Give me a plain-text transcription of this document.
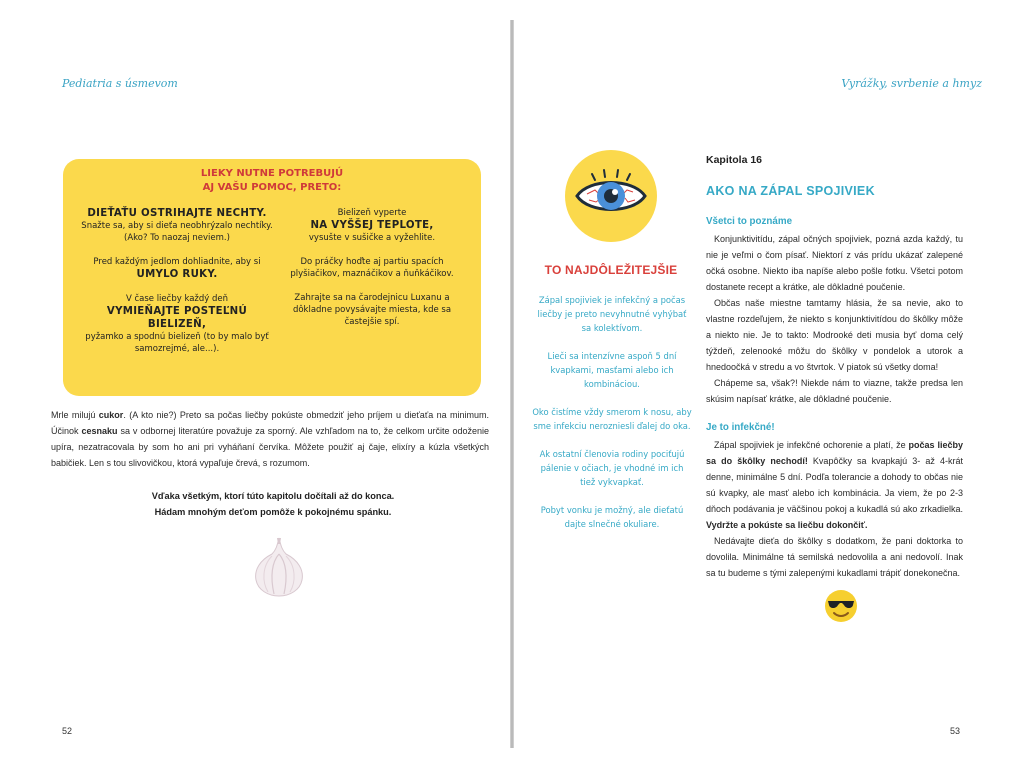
Pediatria s úsmevom
LIEKY NUTNE POTREBUJÚ
AJ VAŠU POMOC, PRETO:

DIEŤAŤU OSTRIHAJTE NECHTY.
Snažte sa, aby si dieťa neobhrýzalo nechtíky. (Ako? To naozaj neviem.)

Pred každým jedlom dohliadnite, aby si
UMYLO RUKY.

V čase liečby každý deň
VYMIEŇAJTE POSTEĽNÚ BIELIZEŇ,
pyžamko a spodnú bielizeň (to by malo byť samozrejmé, ale...).

Bielizeň vyperte
NA VYŠŠEJ TEPLOTE,
vysušte v sušičke a vyžehlite.

Do práčky hoďte aj partiu spacích plyšiačikov, maznáčikov a ňuňkáčikov.

Zahrajte sa na čarodejnicu Luxanu a dôkladne povysávajte miesta, kde sa častejšie spí.

Mrle milujú cukor. (A kto nie?) Preto sa počas liečby pokúste obmedziť jeho príjem u dieťaťa na minimum. Účinok cesnaku sa v odbornej literatúre považuje za sporný. Ale vzhľadom na to, že celkom určite odoženie upíra, nezatracovala by som ho ani pri vyháňaní červíka. Môžete použiť aj čaje, elixíry a kúzla všetkých babičiek. Len s tou slivovičkou, ktorá vypaľuje črevá, s rozumom.
Vďaka všetkým, ktorí túto kapitolu dočítali až do konca.
Hádam mnohým deťom pomôže k pokojnému spánku.
52
Vyrážky, svrbenie a hmyz
TO NAJDÔLEŽITEJŠIE

Zápal spojiviek je infekčný a počas liečby je preto nevyhnutné vyhýbať sa kolektívom.

Lieči sa intenzívne aspoň 5 dní kvapkami, masťami alebo ich kombináciou.

Oko čistíme vždy smerom k nosu, aby sme infekciu nerozniesli ďalej do oka.

Ak ostatní členovia rodiny pociťujú pálenie v očiach, je vhodné im ich tiež vykvapkať.

Pobyt vonku je možný, ale dieťatú dajte slnečné okuliare.

Kapitola 16
AKO NA ZÁPAL SPOJIVIEK
Všetci to poznáme

Konjunktivitídu, zápal očných spojiviek, pozná azda každý, tu nie je veľmi o čom písať. Niektorí z vás prídu ukázať zalepené očká osobne. Niekto iba napíše alebo pošle fotku. Všetci potom dostanete recept a krátke, ale dôkladné poučenie.

Občas naše miestne tamtamy hlásia, že sa nevie, ako to vlastne rozdeľujem, že niekto s konjunktivitídou do škôlky môže a niekto nie. Je to takto: Modrooké deti musia byť doma celý týždeň, zelenooké môžu do škôlky v pondelok a utorok a hnedoočká v stredu a vo štvrtok. V piatok sú všetky doma!

Chápeme sa, však?! Niekde nám to viazne, takže predsa len skúsim napísať krátke, ale dôkladné poučenie.

Je to infekčné!

Zápal spojiviek je infekčné ochorenie a platí, že počas liečby sa do škôlky nechodí! Kvapôčky sa kvapkajú 3- až 4-krát denne, minimálne 5 dní. Podľa tolerancie a dohody to občas nie sú kvapky, ale masť alebo ich kombinácia. Ja viem, že po 2-3 dňoch podávania je väčšinou pokoj a kukadlá sú ako zrkadielka. Vydržte a pokúste sa liečbu dokončiť.

Nedávajte dieťa do škôlky s dodatkom, že pani doktorka to dovolila. Minimálne tá semilská nedovolila a ani nedovolí. Inak sa tu budeme s tými zalepenými kukadlami trápiť donekonečna.

53
